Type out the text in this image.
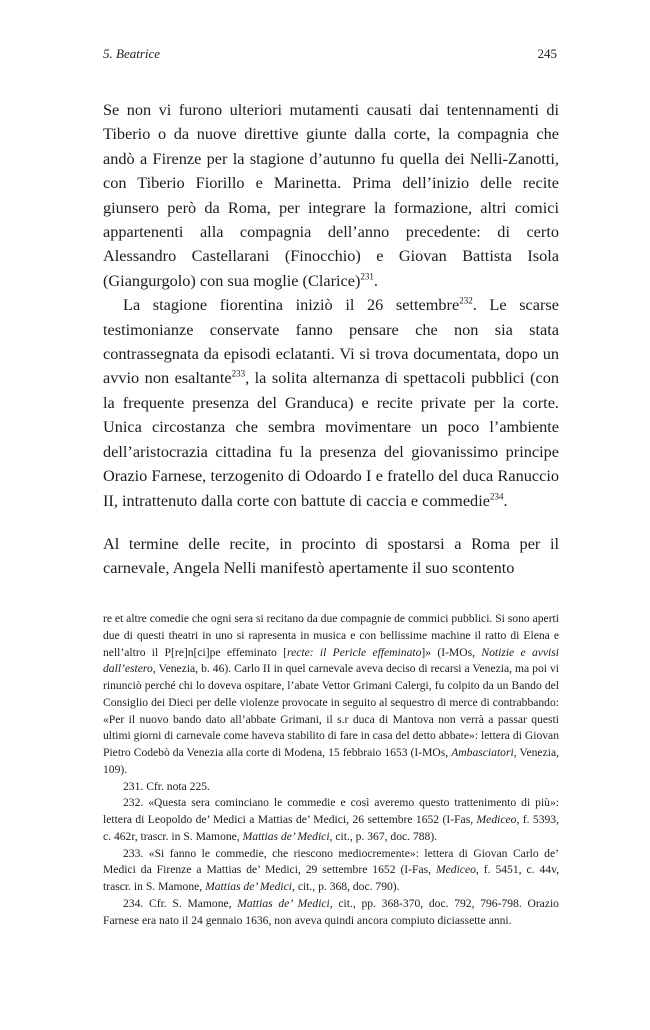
5. Beatrice	245

Se non vi furono ulteriori mutamenti causati dai tentennamenti di Tiberio o da nuove direttive giunte dalla corte, la compagnia che andò a Firenze per la stagione d’autunno fu quella dei Nelli-Zanotti, con Tiberio Fiorillo e Marinetta. Prima dell’inizio delle recite giunsero però da Roma, per integrare la formazione, altri comici appartenenti alla compagnia dell’anno precedente: di certo Alessandro Castellarani (Finocchio) e Giovan Battista Isola (Giangurgolo) con sua moglie (Clarice)$^{231}$.

La stagione fiorentina iniziò il 26 settembre$^{232}$. Le scarse testimonianze conservate fanno pensare che non sia stata contrassegnata da episodi eclatanti. Vi si trova documentata, dopo un avvio non esaltante$^{233}$, la solita alternanza di spettacoli pubblici (con la frequente presenza del Granduca) e recite private per la corte. Unica circostanza che sembra movimentare un poco l’ambiente dell’aristocrazia cittadina fu la presenza del giovanissimo principe Orazio Farnese, terzogenito di Odoardo I e fratello del duca Ranuccio II, intrattenuto dalla corte con battute di caccia e commedie$^{234}$.

Al termine delle recite, in procinto di spostarsi a Roma per il carnevale, Angela Nelli manifestò apertamente il suo scontento

re et altre comedie che ogni sera si recitano da due compagnie de commici pubblici. Si sono aperti due di questi theatri in uno si rapresenta in musica e con bellissime machine il ratto di Elena e nell’altro il P[re]n[ci]pe effeminato [recte: il Pericle effeminato]» (I-MOs, Notizie e avvisi dall’estero, Venezia, b. 46). Carlo II in quel carnevale aveva deciso di recarsi a Venezia, ma poi vi rinunciò perché chi lo doveva ospitare, l’abate Vettor Grimani Calergi, fu colpito da un Bando del Consiglio dei Dieci per delle violenze provocate in seguito al sequestro di merce di contrabbando: «Per il nuovo bando dato all’abbate Grimani, il s.r duca di Mantova non verrà a passar questi ultimi giorni di carnevale come haveva stabilito di fare in casa del detto abbate»: lettera di Giovan Pietro Codebò da Venezia alla corte di Modena, 15 febbraio 1653 (I-MOs, Ambasciatori, Venezia, 109).

231. Cfr. nota 225.

232. «Questa sera cominciano le commedie e così averemo questo trattenimento di più»: lettera di Leopoldo de’ Medici a Mattias de’ Medici, 26 settembre 1652 (I-Fas, Mediceo, f. 5393, c. 462r, trascr. in S. Mamone, Mattias de’ Medici, cit., p. 367, doc. 788).

233. «Si fanno le commedie, che riescono mediocremente»: lettera di Giovan Carlo de’ Medici da Firenze a Mattias de’ Medici, 29 settembre 1652 (I-Fas, Mediceo, f. 5451, c. 44v, trascr. in S. Mamone, Mattias de’ Medici, cit., p. 368, doc. 790).

234. Cfr. S. Mamone, Mattias de’ Medici, cit., pp. 368-370, doc. 792, 796-798. Orazio Farnese era nato il 24 gennaio 1636, non aveva quindi ancora compiuto diciassette anni.
